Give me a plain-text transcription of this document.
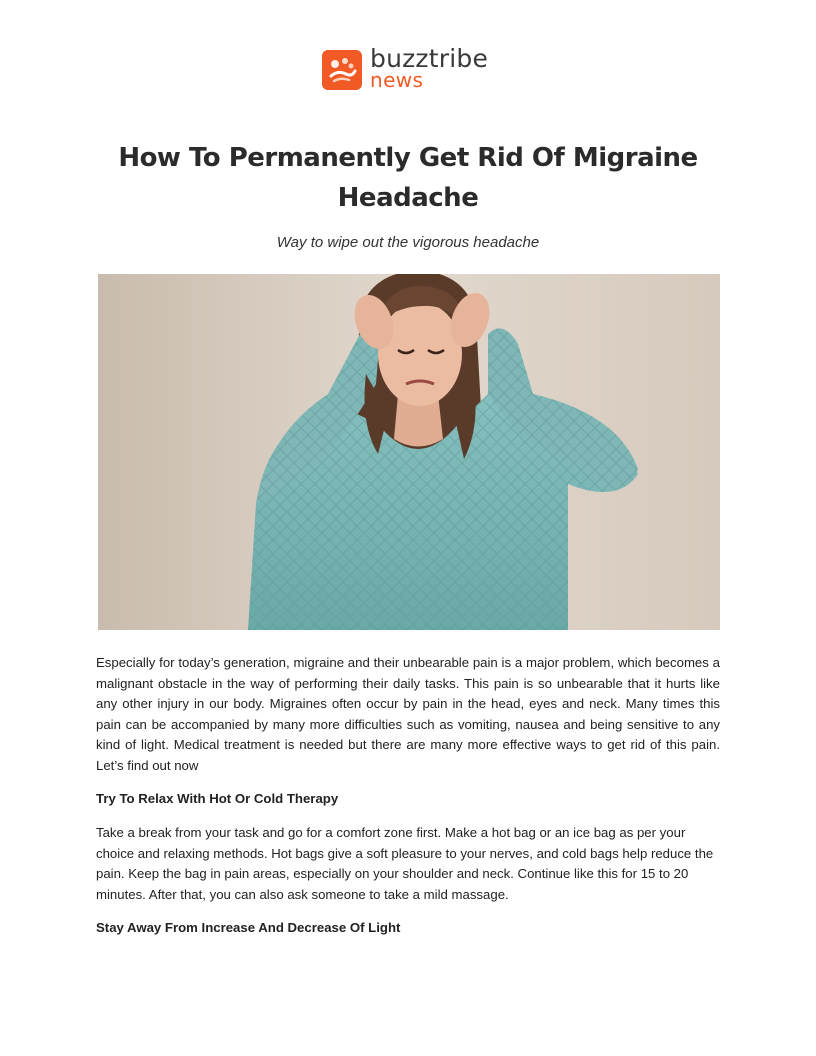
buzztribe
news
How To Permanently Get Rid Of Migraine Headache

Way to wipe out the vigorous headache

Especially for today’s generation, migraine and their unbearable pain is a major problem, which becomes a malignant obstacle in the way of performing their daily tasks. This pain is so unbearable that it hurts like any other injury in our body. Migraines often occur by pain in the head, eyes and neck. Many times this pain can be accompanied by many more difficulties such as vomiting, nausea and being sensitive to any kind of light. Medical treatment is needed but there are many more effective ways to get rid of this pain. Let’s find out now

Try To Relax With Hot Or Cold Therapy

Take a break from your task and go for a comfort zone first. Make a hot bag or an ice bag as per your choice and relaxing methods. Hot bags give a soft pleasure to your nerves, and cold bags help reduce the pain. Keep the bag in pain areas, especially on your shoulder and neck. Continue like this for 15 to 20 minutes. After that, you can also ask someone to take a mild massage.

Stay Away From Increase And Decrease Of Light
